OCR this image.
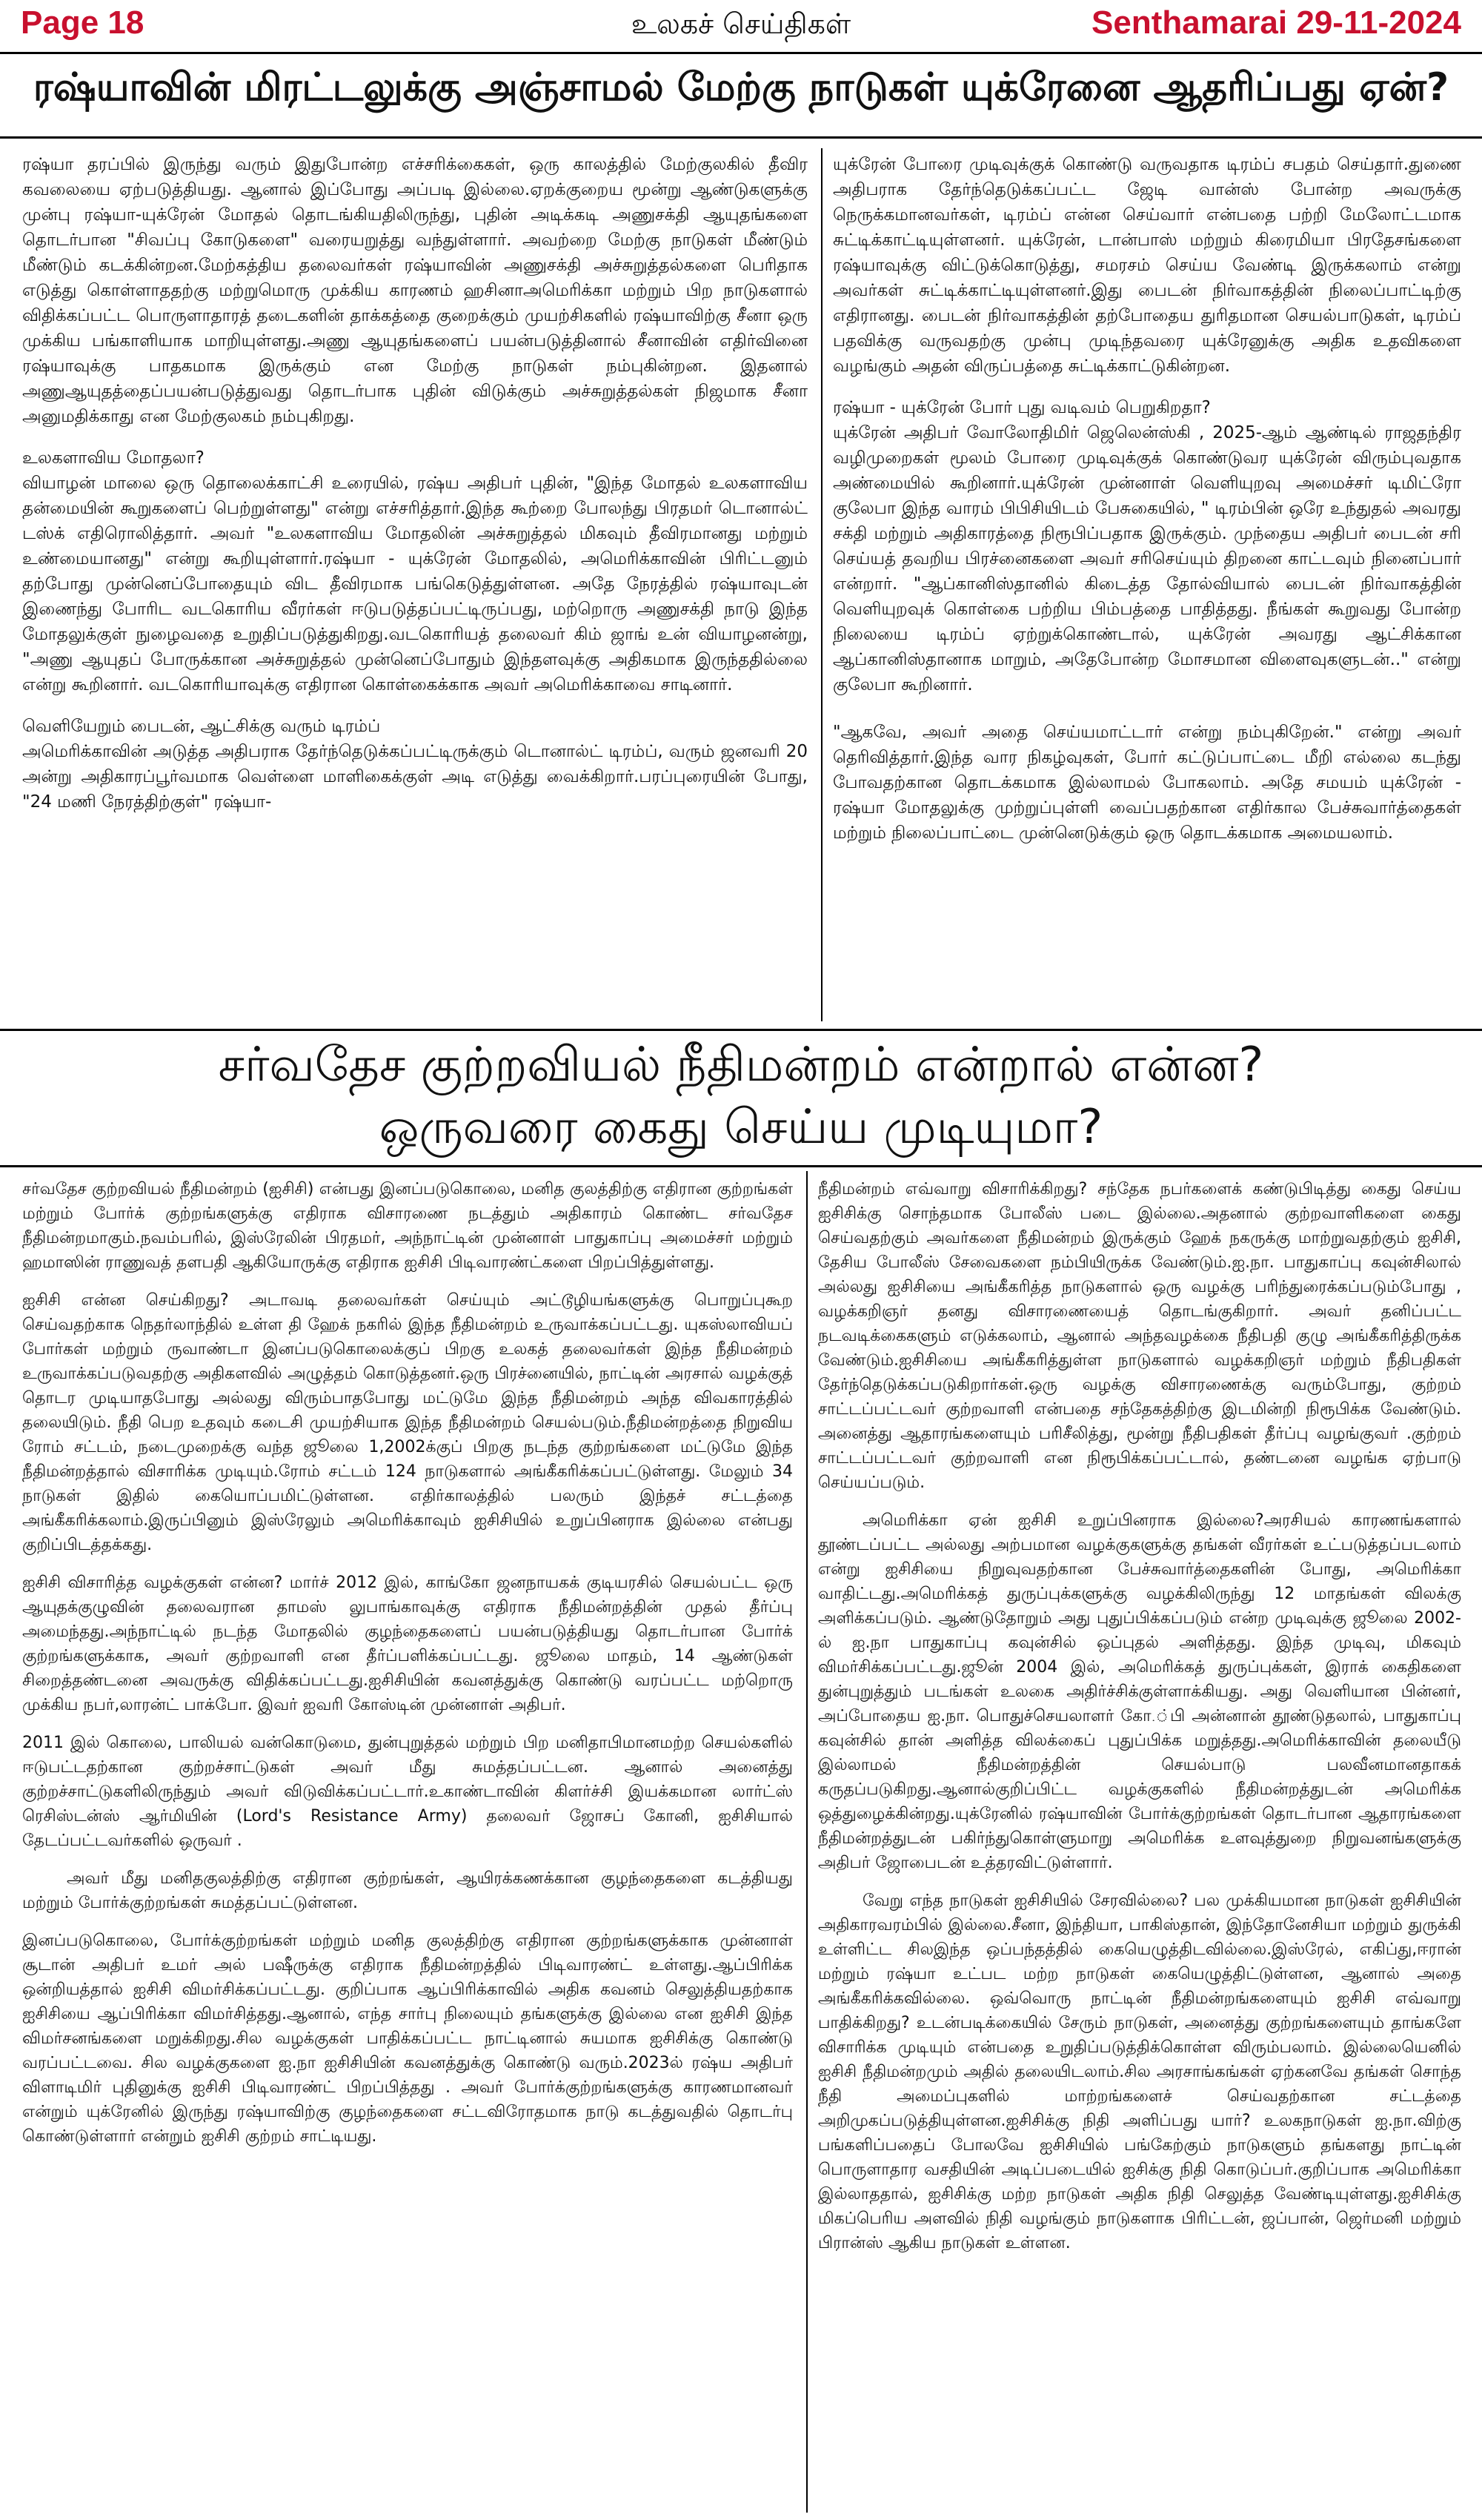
Page 18	உலகச் செய்திகள்	Senthamarai 29-11-2024
ரஷ்யாவின் மிரட்டலுக்கு அஞ்சாமல் மேற்கு நாடுகள் யுக்ரேனை ஆதரிப்பது ஏன்?

ரஷ்யா தரப்பில் இருந்து வரும் இதுபோன்ற எச்சரிக்கைகள், ஒரு காலத்தில் மேற்குலகில் தீவிர கவலையை ஏற்படுத்தியது. ஆனால் இப்போது அப்படி இல்லை.ஏறக்குறைய மூன்று ஆண்டுகளுக்கு முன்பு ரஷ்யா-யுக்ரேன் மோதல் தொடங்கியதிலிருந்து, புதின் அடிக்கடி அணுசக்தி ஆயுதங்களை தொடர்பான "சிவப்பு கோடுகளை" வரையறுத்து வந்துள்ளார். அவற்றை மேற்கு நாடுகள் மீண்டும் மீண்டும் கடக்கின்றன.மேற்கத்திய தலைவர்கள் ரஷ்யாவின் அணுசக்தி அச்சுறுத்தல்களை பெரிதாக எடுத்து கொள்ளாததற்கு மற்றுமொரு முக்கிய காரணம் ஹசினாஅமெரிக்கா மற்றும் பிற நாடுகளால் விதிக்கப்பட்ட பொருளாதாரத் தடைகளின் தாக்கத்தை குறைக்கும் முயற்சிகளில் ரஷ்யாவிற்கு சீனா ஒரு முக்கிய பங்காளியாக மாறியுள்ளது.அணு ஆயுதங்களைப் பயன்படுத்தினால் சீனாவின் எதிர்வினை ரஷ்யாவுக்கு பாதகமாக இருக்கும் என மேற்கு நாடுகள் நம்புகின்றன. இதனால் அணுஆயுதத்தைப்பயன்படுத்துவது தொடர்பாக புதின் விடுக்கும் அச்சுறுத்தல்கள் நிஜமாக சீனா அனுமதிக்காது என மேற்குலகம் நம்புகிறது.

உலகளாவிய மோதலா?

வியாழன் மாலை ஒரு தொலைக்காட்சி உரையில், ரஷ்ய அதிபர் புதின், "இந்த மோதல் உலகளாவிய தன்மையின் கூறுகளைப் பெற்றுள்ளது" என்று எச்சரித்தார்.இந்த கூற்றை போலந்து பிரதமர் டொனால்ட் டஸ்க் எதிரொலித்தார். அவர் "உலகளாவிய மோதலின் அச்சுறுத்தல் மிகவும் தீவிரமானது மற்றும் உண்மையானது" என்று கூறியுள்ளார்.ரஷ்யா - யுக்ரேன் மோதலில், அமெரிக்காவின் பிரிட்டனும் தற்போது முன்னெப்போதையும் விட தீவிரமாக பங்கெடுத்துள்ளன. அதே நேரத்தில் ரஷ்யாவுடன் இணைந்து போரிட வடகொரிய வீரர்கள் ஈடுபடுத்தப்பட்டிருப்பது, மற்றொரு அணுசக்தி நாடு இந்த மோதலுக்குள் நுழைவதை உறுதிப்படுத்துகிறது.வடகொரியத் தலைவர் கிம் ஜாங் உன் வியாழனன்று, "அணு ஆயுதப் போருக்கான அச்சுறுத்தல் முன்னெப்போதும் இந்தளவுக்கு அதிகமாக இருந்ததில்லை என்று கூறினார். வடகொரியாவுக்கு எதிரான கொள்கைக்காக அவர் அமெரிக்காவை சாடினார்.

வெளியேறும் பைடன், ஆட்சிக்கு வரும் டிரம்ப்

அமெரிக்காவின் அடுத்த அதிபராக தேர்ந்தெடுக்கப்பட்டிருக்கும் டொனால்ட் டிரம்ப், வரும் ஜனவரி 20 அன்று அதிகாரப்பூர்வமாக வெள்ளை மாளிகைக்குள் அடி எடுத்து வைக்கிறார்.பரப்புரையின் போது, "24 மணி நேரத்திற்குள்" ரஷ்யா-

யுக்ரேன் போரை முடிவுக்குக் கொண்டு வருவதாக டிரம்ப் சபதம் செய்தார்.துணை அதிபராக தேர்ந்தெடுக்கப்பட்ட ஜேடி வான்ஸ் போன்ற அவருக்கு நெருக்கமானவர்கள், டிரம்ப் என்ன செய்வார் என்பதை பற்றி மேலோட்டமாக சுட்டிக்காட்டியுள்ளனர். யுக்ரேன், டான்பாஸ் மற்றும் கிரைமியா பிரதேசங்களை ரஷ்யாவுக்கு விட்டுக்கொடுத்து, சமரசம் செய்ய வேண்டி இருக்கலாம் என்று அவர்கள் சுட்டிக்காட்டியுள்ளனர்.இது பைடன் நிர்வாகத்தின் நிலைப்பாட்டிற்கு எதிரானது. பைடன் நிர்வாகத்தின் தற்போதைய துரிதமான செயல்பாடுகள், டிரம்ப் பதவிக்கு வருவதற்கு முன்பு முடிந்தவரை யுக்ரேனுக்கு அதிக உதவிகளை வழங்கும் அதன் விருப்பத்தை சுட்டிக்காட்டுகின்றன.

ரஷ்யா - யுக்ரேன் போர் புது வடிவம் பெறுகிறதா?

யுக்ரேன் அதிபர் வோலோதிமிர் ஜெலென்ஸ்கி , 2025-ஆம் ஆண்டில் ராஜதந்திர வழிமுறைகள் மூலம் போரை முடிவுக்குக் கொண்டுவர யுக்ரேன் விரும்புவதாக அண்மையில் கூறினார்.யுக்ரேன் முன்னாள் வெளியுறவு அமைச்சர் டிமிட்ரோ குலேபா இந்த வாரம் பிபிசியிடம் பேசுகையில், " டிரம்பின் ஒரே உந்துதல் அவரது சக்தி மற்றும் அதிகாரத்தை நிரூபிப்பதாக இருக்கும். முந்தைய அதிபர் பைடன் சரி செய்யத் தவறிய பிரச்னைகளை அவர் சரிசெய்யும் திறனை காட்டவும் நினைப்பார் என்றார். "ஆப்கானிஸ்தானில் கிடைத்த தோல்வியால் பைடன் நிர்வாகத்தின் வெளியுறவுக் கொள்கை பற்றிய பிம்பத்தை பாதித்தது. நீங்கள் கூறுவது போன்ற நிலையை டிரம்ப் ஏற்றுக்கொண்டால், யுக்ரேன் அவரது ஆட்சிக்கான ஆப்கானிஸ்தானாக மாறும், அதேபோன்ற மோசமான விளைவுகளுடன்.." என்று குலேபா கூறினார்.

"ஆகவே, அவர் அதை செய்யமாட்டார் என்று நம்புகிறேன்." என்று அவர் தெரிவித்தார்.இந்த வார நிகழ்வுகள், போர் கட்டுப்பாட்டை மீறி எல்லை கடந்து போவதற்கான தொடக்கமாக இல்லாமல் போகலாம். அதே சமயம் யுக்ரேன் - ரஷ்யா மோதலுக்கு முற்றுப்புள்ளி வைப்பதற்கான எதிர்கால பேச்சுவார்த்தைகள் மற்றும் நிலைப்பாட்டை முன்னெடுக்கும் ஒரு தொடக்கமாக அமையலாம்.

சர்வதேச குற்றவியல் நீதிமன்றம் என்றால் என்ன?
ஒருவரை கைது செய்ய முடியுமா?

சர்வதேச குற்றவியல் நீதிமன்றம் (ஐசிசி) என்பது இனப்படுகொலை, மனித குலத்திற்கு எதிரான குற்றங்கள் மற்றும் போர்க் குற்றங்களுக்கு எதிராக விசாரணை நடத்தும் அதிகாரம் கொண்ட சர்வதேச நீதிமன்றமாகும்.நவம்பரில், இஸ்ரேலின் பிரதமர், அந்நாட்டின் முன்னாள் பாதுகாப்பு அமைச்சர் மற்றும் ஹமாஸின் ராணுவத் தளபதி ஆகியோருக்கு எதிராக ஐசிசி பிடிவாரண்ட்களை பிறப்பித்துள்ளது.

ஐசிசி என்ன செய்கிறது? அடாவடி தலைவர்கள் செய்யும் அட்டூழியங்களுக்கு பொறுப்புகூற செய்வதற்காக நெதர்லாந்தில் உள்ள தி ஹேக் நகரில் இந்த நீதிமன்றம் உருவாக்கப்பட்டது. யுகஸ்லாவியப் போர்கள் மற்றும் ருவாண்டா இனப்படுகொலைக்குப் பிறகு உலகத் தலைவர்கள் இந்த நீதிமன்றம் உருவாக்கப்படுவதற்கு அதிகளவில் அழுத்தம் கொடுத்தனர்.ஒரு பிரச்னையில், நாட்டின் அரசால் வழக்குத் தொடர முடியாதபோது அல்லது விரும்பாதபோது மட்டுமே இந்த நீதிமன்றம் அந்த விவகாரத்தில் தலையிடும். நீதி பெற உதவும் கடைசி முயற்சியாக இந்த நீதிமன்றம் செயல்படும்.நீதிமன்றத்தை நிறுவிய ரோம் சட்டம், நடைமுறைக்கு வந்த ஜூலை 1,2002க்குப் பிறகு நடந்த குற்றங்களை மட்டுமே இந்த நீதிமன்றத்தால் விசாரிக்க முடியும்.ரோம் சட்டம் 124 நாடுகளால் அங்கீகரிக்கப்பட்டுள்ளது. மேலும் 34 நாடுகள் இதில் கையொப்பமிட்டுள்ளன. எதிர்காலத்தில் பலரும் இந்தச் சட்டத்தை அங்கீகரிக்கலாம்.இருப்பினும் இஸ்ரேலும் அமெரிக்காவும் ஐசிசியில் உறுப்பினராக இல்லை என்பது குறிப்பிடத்தக்கது.

ஐசிசி விசாரித்த வழக்குகள் என்ன? மார்ச் 2012 இல், காங்கோ ஜனநாயகக் குடியரசில் செயல்பட்ட ஒரு ஆயுதக்குழுவின் தலைவரான தாமஸ் லுபாங்காவுக்கு எதிராக நீதிமன்றத்தின் முதல் தீர்ப்பு அமைந்தது.அந்நாட்டில் நடந்த மோதலில் குழந்தைகளைப் பயன்படுத்தியது தொடர்பான போர்க் குற்றங்களுக்காக, அவர் குற்றவாளி என தீர்ப்பளிக்கப்பட்டது. ஜூலை மாதம், 14 ஆண்டுகள் சிறைத்தண்டனை அவருக்கு விதிக்கப்பட்டது.ஐசிசியின் கவனத்துக்கு கொண்டு வரப்பட்ட மற்றொரு முக்கிய நபர்,லாரன்ட் பாக்போ. இவர் ஐவரி கோஸ்டின் முன்னாள் அதிபர்.

2011 இல் கொலை, பாலியல் வன்கொடுமை, துன்புறுத்தல் மற்றும் பிற மனிதாபிமானமற்ற செயல்களில் ஈடுபட்டதற்கான குற்றச்சாட்டுகள் அவர் மீது சுமத்தப்பட்டன. ஆனால் அனைத்து குற்றச்சாட்டுகளிலிருந்தும் அவர் விடுவிக்கப்பட்டார்.உகாண்டாவின் கிளர்ச்சி இயக்கமான லார்ட்ஸ் ரெசிஸ்டன்ஸ் ஆர்மியின் (Lord's Resistance Army) தலைவர் ஜோசப் கோனி, ஐசிசியால் தேடப்பட்டவர்களில் ஒருவர் .

அவர் மீது மனிதகுலத்திற்கு எதிரான குற்றங்கள், ஆயிரக்கணக்கான குழந்தைகளை கடத்தியது மற்றும் போர்க்குற்றங்கள் சுமத்தப்பட்டுள்ளன.

இனப்படுகொலை, போர்க்குற்றங்கள் மற்றும் மனித குலத்திற்கு எதிரான குற்றங்களுக்காக முன்னாள் சூடான் அதிபர் உமர் அல் பஷீருக்கு எதிராக நீதிமன்றத்தில் பிடிவாரண்ட் உள்ளது.ஆப்பிரிக்க ஒன்றியத்தால் ஐசிசி விமர்சிக்கப்பட்டது. குறிப்பாக ஆப்பிரிக்காவில் அதிக கவனம் செலுத்தியதற்காக ஐசிசியை ஆப்பிரிக்கா விமர்சித்தது.ஆனால், எந்த சார்பு நிலையும் தங்களுக்கு இல்லை என ஐசிசி இந்த விமர்சனங்களை மறுக்கிறது.சில வழக்குகள் பாதிக்கப்பட்ட நாட்டினால் சுயமாக ஐசிசிக்கு கொண்டு வரப்பட்டவை. சில வழக்குகளை ஐ.நா ஐசிசியின் கவனத்துக்கு கொண்டு வரும்.2023ல் ரஷ்ய அதிபர் விளாடிமிர் புதினுக்கு ஐசிசி பிடிவாரண்ட் பிறப்பித்தது . அவர் போர்க்குற்றங்களுக்கு காரணமானவர் என்றும் யுக்ரேனில் இருந்து ரஷ்யாவிற்கு குழந்தைகளை சட்டவிரோதமாக நாடு கடத்துவதில் தொடர்பு கொண்டுள்ளார் என்றும் ஐசிசி குற்றம் சாட்டியது.

நீதிமன்றம் எவ்வாறு விசாரிக்கிறது? சந்தேக நபர்களைக் கண்டுபிடித்து கைது செய்ய ஐசிசிக்கு சொந்தமாக போலீஸ் படை இல்லை.அதனால் குற்றவாளிகளை கைது செய்வதற்கும் அவர்களை நீதிமன்றம் இருக்கும் ஹேக் நகருக்கு மாற்றுவதற்கும் ஐசிசி, தேசிய போலீஸ் சேவைகளை நம்பியிருக்க வேண்டும்.ஐ.நா. பாதுகாப்பு கவுன்சிலால் அல்லது ஐசிசியை அங்கீகரித்த நாடுகளால் ஒரு வழக்கு பரிந்துரைக்கப்படும்போது , வழக்கறிஞர் தனது விசாரணையைத் தொடங்குகிறார். அவர் தனிப்பட்ட நடவடிக்கைகளும் எடுக்கலாம், ஆனால் அந்தவழக்கை நீதிபதி குழு அங்கீகரித்திருக்க வேண்டும்.ஐசிசியை அங்கீகரித்துள்ள நாடுகளால் வழக்கறிஞர் மற்றும் நீதிபதிகள் தேர்ந்தெடுக்கப்படுகிறார்கள்.ஒரு வழக்கு விசாரணைக்கு வரும்போது, குற்றம் சாட்டப்பட்டவர் குற்றவாளி என்பதை சந்தேகத்திற்கு இடமின்றி நிரூபிக்க வேண்டும். அனைத்து ஆதாரங்களையும் பரிசீலித்து, மூன்று நீதிபதிகள் தீர்ப்பு வழங்குவர் .குற்றம் சாட்டப்பட்டவர் குற்றவாளி என நிரூபிக்கப்பட்டால், தண்டனை வழங்க ஏற்பாடு செய்யப்படும்.

அமெரிக்கா ஏன் ஐசிசி உறுப்பினராக இல்லை?அரசியல் காரணங்களால் தூண்டப்பட்ட அல்லது அற்பமான வழக்குகளுக்கு தங்கள் வீரர்கள் உட்படுத்தப்படலாம் என்று ஐசிசியை நிறுவுவதற்கான பேச்சுவார்த்தைகளின் போது, அமெரிக்கா வாதிட்டது.அமெரிக்கத் துருப்புக்களுக்கு வழக்கிலிருந்து 12 மாதங்கள் விலக்கு அளிக்கப்படும். ஆண்டுதோறும் அது புதுப்பிக்கப்படும் என்ற முடிவுக்கு ஜூலை 2002-ல் ஐ.நா பாதுகாப்பு கவுன்சில் ஒப்புதல் அளித்தது. இந்த முடிவு, மிகவும் விமர்சிக்கப்பட்டது.ஜூன் 2004 இல், அமெரிக்கத் துருப்புக்கள், இராக் கைதிகளை துன்புறுத்தும் படங்கள் உலகை அதிர்ச்சிக்குள்ளாக்கியது. அது வெளியான பின்னர், அப்போதைய ஐ.நா. பொதுச்செயலாளர் கோ.்பி அன்னான் தூண்டுதலால், பாதுகாப்பு கவுன்சில் தான் அளித்த விலக்கைப் புதுப்பிக்க மறுத்தது.அமெரிக்காவின் தலையீடு இல்லாமல் நீதிமன்றத்தின் செயல்பாடு பலவீனமானதாகக் கருதப்படுகிறது.ஆனால்குறிப்பிட்ட வழக்குகளில் நீதிமன்றத்துடன் அமெரிக்க ஒத்துழைக்கின்றது.யுக்ரேனில் ரஷ்யாவின் போர்க்குற்றங்கள் தொடர்பான ஆதாரங்களை நீதிமன்றத்துடன் பகிர்ந்துகொள்ளுமாறு அமெரிக்க உளவுத்துறை நிறுவனங்களுக்கு அதிபர் ஜோபைடன் உத்தரவிட்டுள்ளார்.

வேறு எந்த நாடுகள் ஐசிசியில் சேரவில்லை? பல முக்கியமான நாடுகள் ஐசிசியின் அதிகாரவரம்பில் இல்லை.சீனா, இந்தியா, பாகிஸ்தான், இந்தோனேசியா மற்றும் துருக்கி உள்ளிட்ட சிலஇந்த ஒப்பந்தத்தில் கையெழுத்திடவில்லை.இஸ்ரேல், எகிப்து,ஈரான் மற்றும் ரஷ்யா உட்பட மற்ற நாடுகள் கையெழுத்திட்டுள்ளன, ஆனால் அதை அங்கீகரிக்கவில்லை. ஒவ்வொரு நாட்டின் நீதிமன்றங்களையும் ஐசிசி எவ்வாறு பாதிக்கிறது? உடன்படிக்கையில் சேரும் நாடுகள், அனைத்து குற்றங்களையும் தாங்களே விசாரிக்க முடியும் என்பதை உறுதிப்படுத்திக்கொள்ள விரும்பலாம். இல்லையெனில் ஐசிசி நீதிமன்றமும் அதில் தலையிடலாம்.சில அரசாங்கங்கள் ஏற்கனவே தங்கள் சொந்த நீதி அமைப்புகளில் மாற்றங்களைச் செய்வதற்கான சட்டத்தை அறிமுகப்படுத்தியுள்ளன.ஐசிசிக்கு நிதி அளிப்பது யார்? உலகநாடுகள் ஐ.நா.விற்கு பங்களிப்பதைப் போலவே ஐசிசியில் பங்கேற்கும் நாடுகளும் தங்களது நாட்டின் பொருளாதார வசதியின் அடிப்படையில் ஐசிக்கு நிதி கொடுப்பர்.குறிப்பாக அமெரிக்கா இல்லாததால், ஐசிசிக்கு மற்ற நாடுகள் அதிக நிதி செலுத்த வேண்டியுள்ளது.ஐசிசிக்கு மிகப்பெரிய அளவில் நிதி வழங்கும் நாடுகளாக பிரிட்டன், ஜப்பான், ஜெர்மனி மற்றும் பிரான்ஸ் ஆகிய நாடுகள் உள்ளன.
